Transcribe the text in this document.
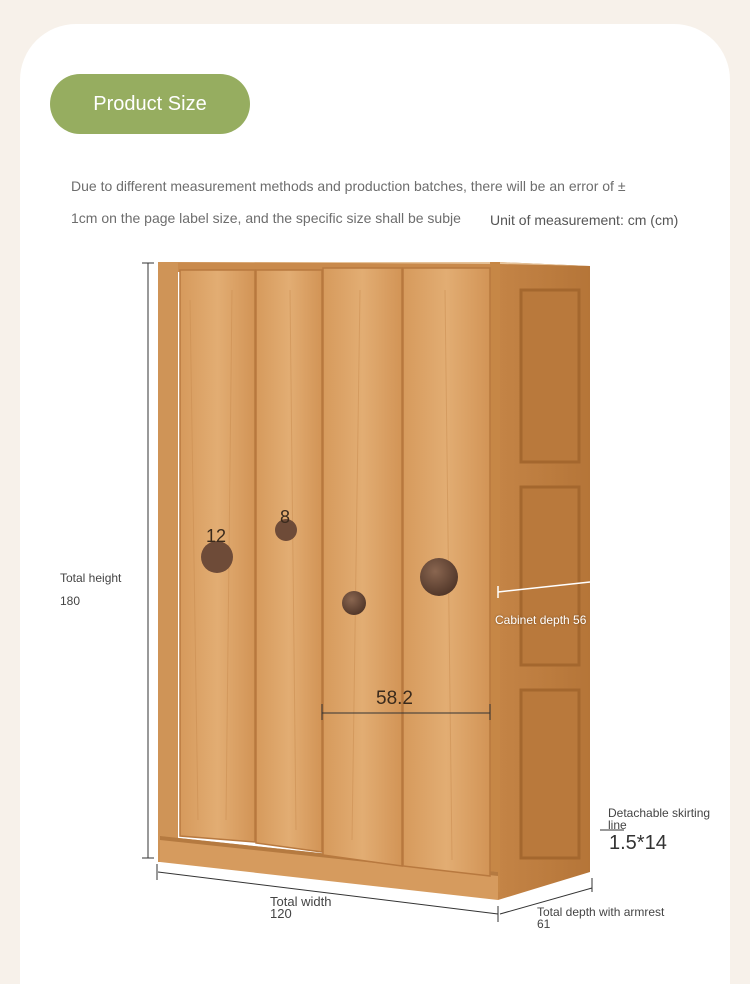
Product Size
Due to different measurement methods and production batches, there will be an error of ±
1cm on the page label size, and the specific size shall be subje Unit of measurement: cm (cm)
Total height
180
Cabinet depth 56
58.2
12
8
Detachable skirting
line
1.5*14
Total width
120	Total depth with armrest
61
